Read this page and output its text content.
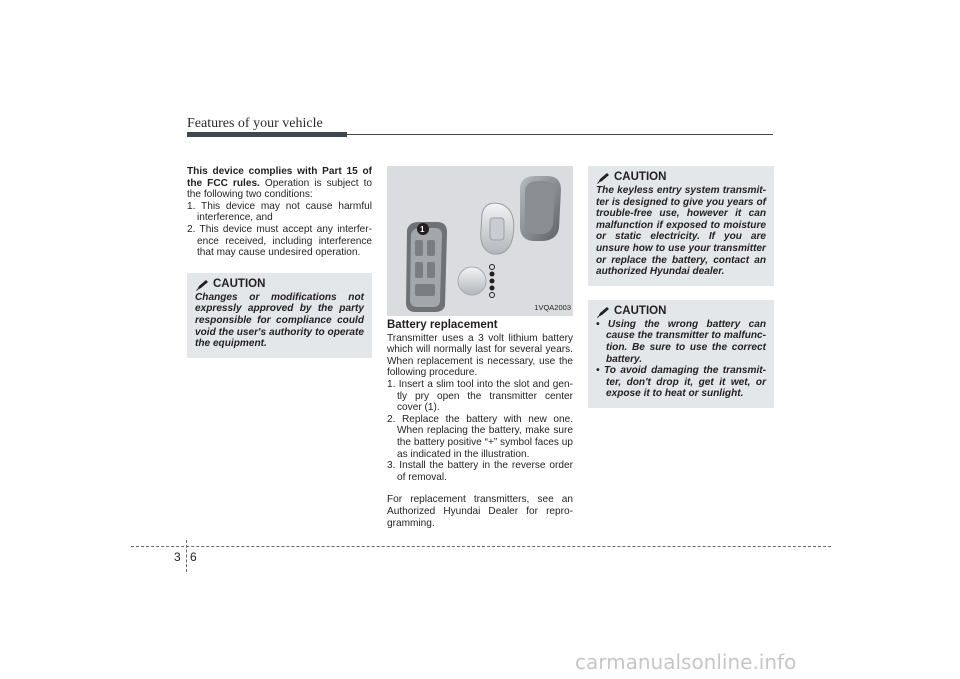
Features of your vehicle

This device complies with Part 15 of the FCC rules. Operation is subject to the following two conditions:

1. This device may not cause harmful interference, and
2. This device must accept any interfer-ence received, including interference that may cause undesired operation.
CAUTION
Changes or modifications not expressly approved by the party responsible for compliance could void the user's authority to operate the equipment.
1
1VQA2003
Battery replacement

Transmitter uses a 3 volt lithium battery which will normally last for several years. When replacement is necessary, use the following procedure.

1. Insert a slim tool into the slot and gen-tly pry open the transmitter center cover (1).
2. Replace the battery with new one. When replacing the battery, make sure the battery positive “+” symbol faces up as indicated in the illustration.
3. Install the battery in the reverse order of removal.

For replacement transmitters, see an Authorized Hyundai Dealer for repro-gramming.

CAUTION
The keyless entry system transmit-ter is designed to give you years of trouble-free use, however it can malfunction if exposed to moisture or static electricity. If you are unsure how to use your transmitter or replace the battery, contact an authorized Hyundai dealer.
CAUTION
• Using the wrong battery can cause the transmitter to malfunc-tion. Be sure to use the correct battery.
• To avoid damaging the transmit-ter, don't drop it, get it wet, or expose it to heat or sunlight.
3 6
carmanualsonline.info
